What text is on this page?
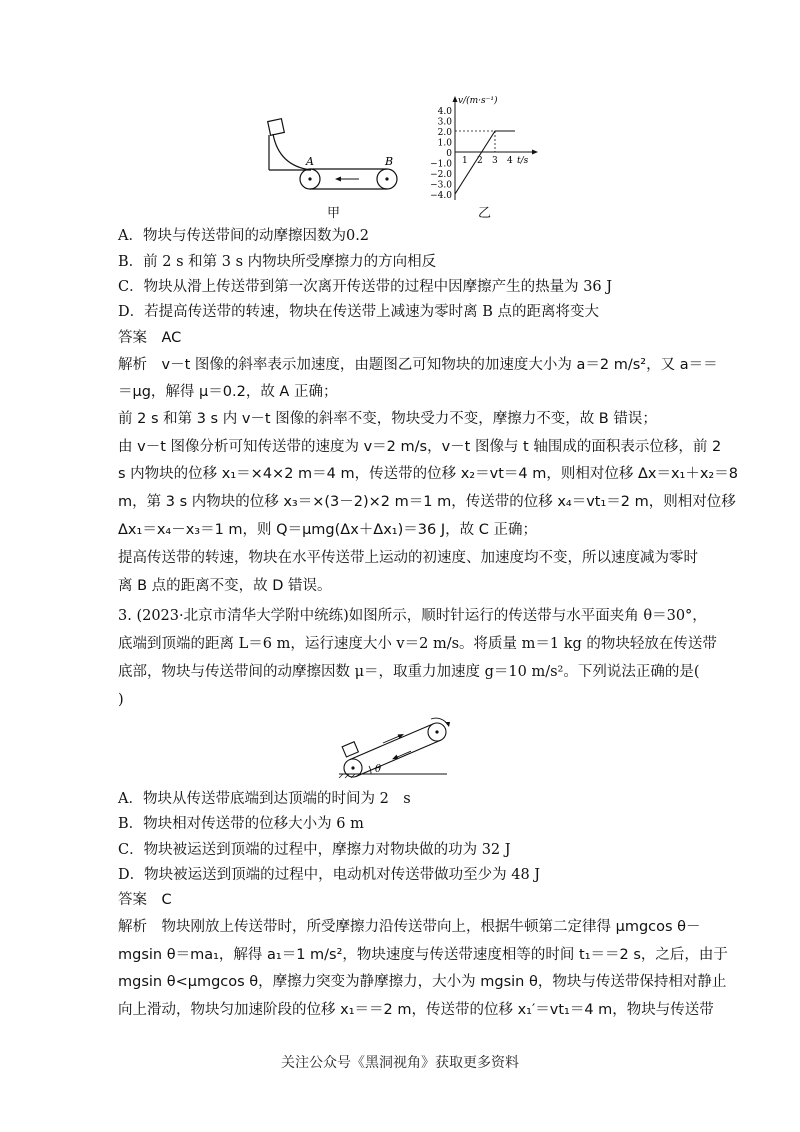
A	B
4.0
3.0
2.0
1.0
0
−1.0
−2.0
−3.0
−4.0
v/(m·s⁻¹)
1 2 3 4 t/s
甲	乙
A．物块与传送带间的动摩擦因数为0.2
B．前 2 s 和第 3 s 内物块所受摩擦力的方向相反
C．物块从滑上传送带到第一次离开传送带的过程中因摩擦产生的热量为 36 J
D．若提高传送带的转速，物块在传送带上减速为零时离 B 点的距离将变大
答案　AC
解析　v－t 图像的斜率表示加速度，由题图乙可知物块的加速度大小为 a＝2 m/s²，又 a＝＝
＝μg，解得 μ＝0.2，故 A 正确；
前 2 s 和第 3 s 内 v－t 图像的斜率不变，物块受力不变，摩擦力不变，故 B 错误；
由 v－t 图像分析可知传送带的速度为 v＝2 m/s，v－t 图像与 t 轴围成的面积表示位移，前 2
s 内物块的位移 x₁＝×4×2 m＝4 m，传送带的位移 x₂＝vt＝4 m，则相对位移 Δx＝x₁＋x₂＝8
m，第 3 s 内物块的位移 x₃＝×(3－2)×2 m＝1 m，传送带的位移 x₄＝vt₁＝2 m，则相对位移
Δx₁＝x₄－x₃＝1 m，则 Q＝μmg(Δx＋Δx₁)＝36 J，故 C 正确；
提高传送带的转速，物块在水平传送带上运动的初速度、加速度均不变，所以速度减为零时
离 B 点的距离不变，故 D 错误。
3. (2023·北京市清华大学附中统练)如图所示，顺时针运行的传送带与水平面夹角 θ＝30°，
底端到顶端的距离 L＝6 m，运行速度大小 v＝2 m/s。将质量 m＝1 kg 的物块轻放在传送带
底部，物块与传送带间的动摩擦因数 μ＝，取重力加速度 g＝10 m/s²。下列说法正确的是(
)
θ
A．物块从传送带底端到达顶端的时间为 2　s
B．物块相对传送带的位移大小为 6 m
C．物块被运送到顶端的过程中，摩擦力对物块做的功为 32 J
D．物块被运送到顶端的过程中，电动机对传送带做功至少为 48 J
答案　C
解析　物块刚放上传送带时，所受摩擦力沿传送带向上，根据牛顿第二定律得 μmgcos θ－
mgsin θ＝ma₁，解得 a₁＝1 m/s²，物块速度与传送带速度相等的时间 t₁＝＝2 s，之后，由于
mgsin θ<μmgcos θ，摩擦力突变为静摩擦力，大小为 mgsin θ，物块与传送带保持相对静止
向上滑动，物块匀加速阶段的位移 x₁＝＝2 m，传送带的位移 x₁′＝vt₁＝4 m，物块与传送带
关注公众号《黑洞视角》获取更多资料
